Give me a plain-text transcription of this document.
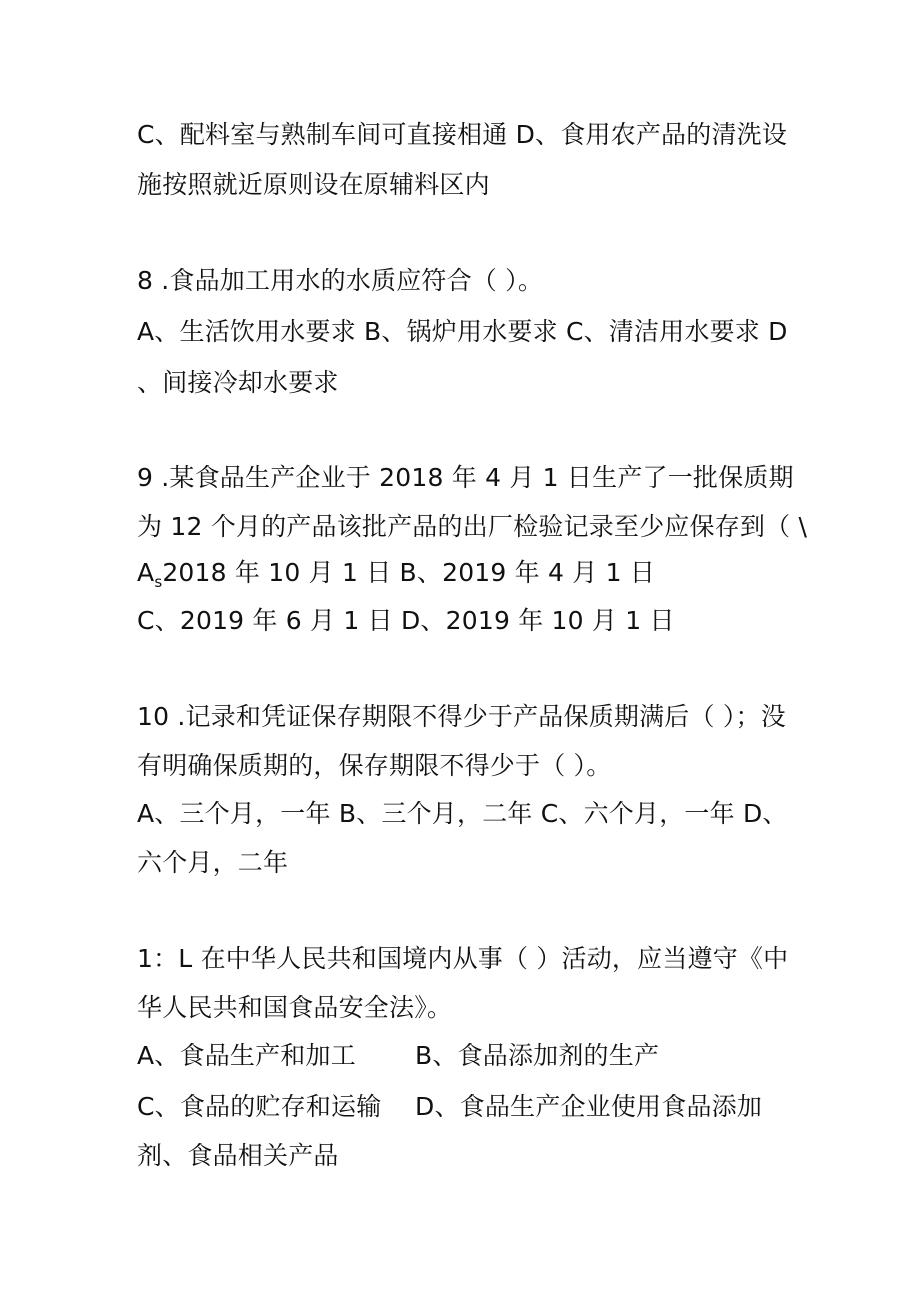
C、配料室与熟制车间可直接相通 D、食用农产品的清洗设
施按照就近原则设在原辅料区内
8 .食品加工用水的水质应符合（ ）。
A、生活饮用水要求 B、锅炉用水要求 C、清洁用水要求 D
、间接冷却水要求
9 .某食品生产企业于 2018 年 4 月 1 日生产了一批保质期
为 12 个月的产品该批产品的出厂检验记录至少应保存到（ \
$A_s2018$ 年 10 月 1 日 B、2019 年 4 月 1 日
C、2019 年 6 月 1 日 D、2019 年 10 月 1 日
10 .记录和凭证保存期限不得少于产品保质期满后（ ）；没
有明确保质期的，保存期限不得少于（ ）。
A、三个月，一年 B、三个月，二年 C、六个月，一年 D、
六个月，二年
1：L 在中华人民共和国境内从事（ ）活动，应当遵守《中
华人民共和国食品安全法》。
A、食品生产和加工 B、食品添加剂的生产
C、食品的贮存和运输 D、食品生产企业使用食品添加
剂、食品相关产品
